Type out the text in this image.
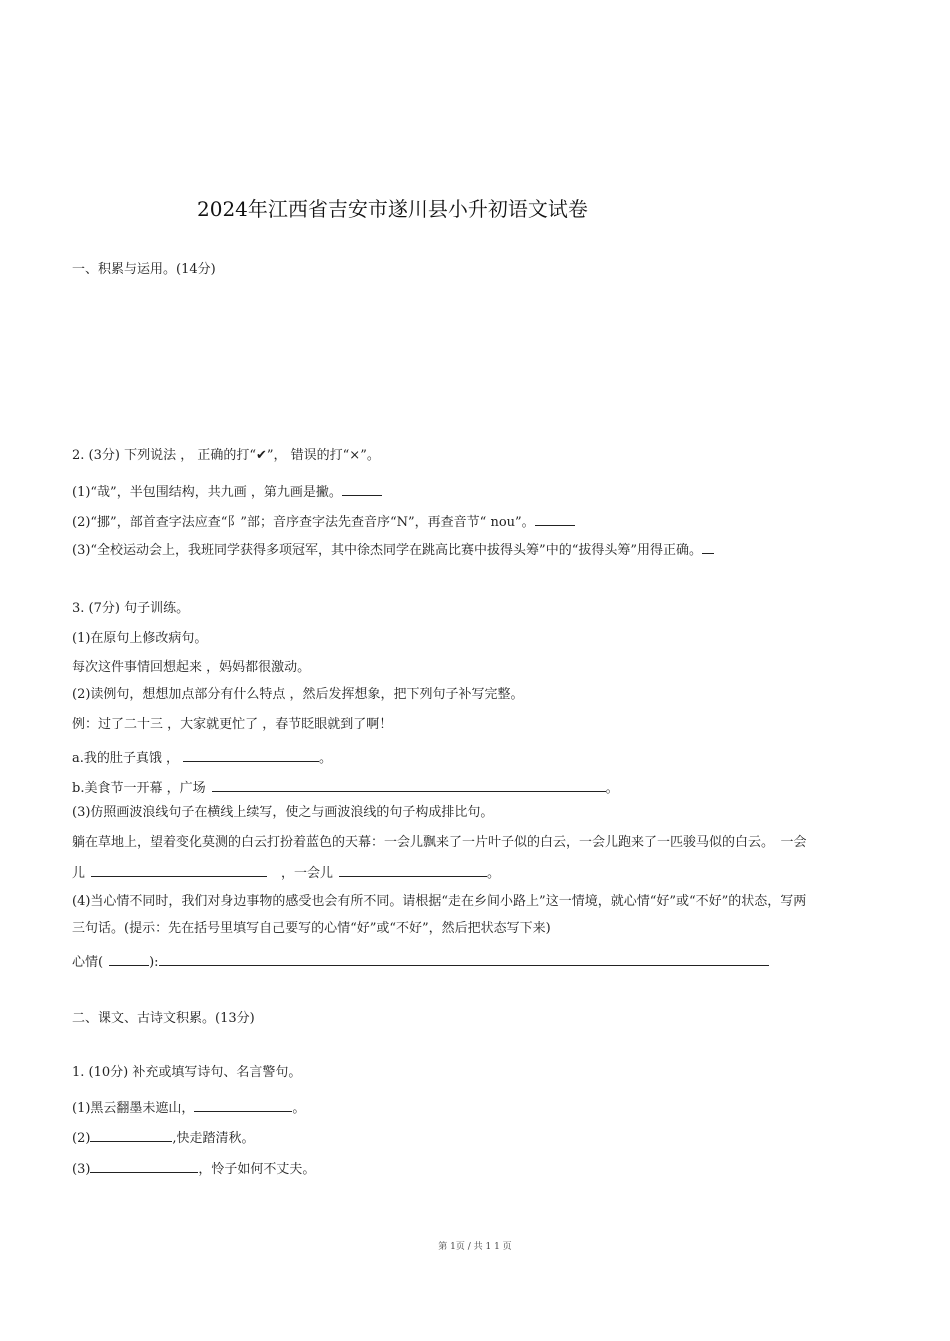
2024年江西省吉安市遂川县小升初语文试卷
一、积累与运用。(14分)
2. (3分) 下列说法 ， 正确的打“✔”， 错误的打“×”。
(1)“哉”，半包围结构，共九画 ，第九画是撇。
(2)“挪”，部首查字法应查“阝”部；音序查字法先查音序“N”，再查音节“ nou”。
(3)“全校运动会上，我班同学获得多项冠军，其中徐杰同学在跳高比赛中拔得头筹”中的“拔得头筹”用得正确。
3. (7分) 句子训练。
(1)在原句上修改病句。
每次这件事情回想起来 ，妈妈都很激动。
(2)读例句，想想加点部分有什么特点 ，然后发挥想象，把下列句子补写完整。
例：过了二十三 ，大家就更忙了 ，春节眨眼就到了啊！
a.我的肚子真饿 ，	。
b.美食节一开幕 ，广场	。
(3)仿照画波浪线句子在横线上续写，使之与画波浪线的句子构成排比句。
躺在草地上，望着变化莫测的白云打扮着蓝色的天幕：一会儿飘来了一片叶子似的白云，一会儿跑来了一匹骏马似的白云。　一会
儿	，一会儿	。
(4)当心情不同时，我们对身边事物的感受也会有所不同。请根据“走在乡间小路上”这一情境，就心情“好”或“不好”的状态，写两
三句话。(提示：先在括号里填写自己要写的心情“好”或“不好”，然后把状态写下来)
心情(	):
二、课文、古诗文积累。(13分)
1. (10分) 补充或填写诗句、名言警句。
(1)黑云翻墨未遮山，	。
(2)	,快走踏清秋。
(3)	，怜子如何不丈夫。
第 1页 / 共 1 1 页
